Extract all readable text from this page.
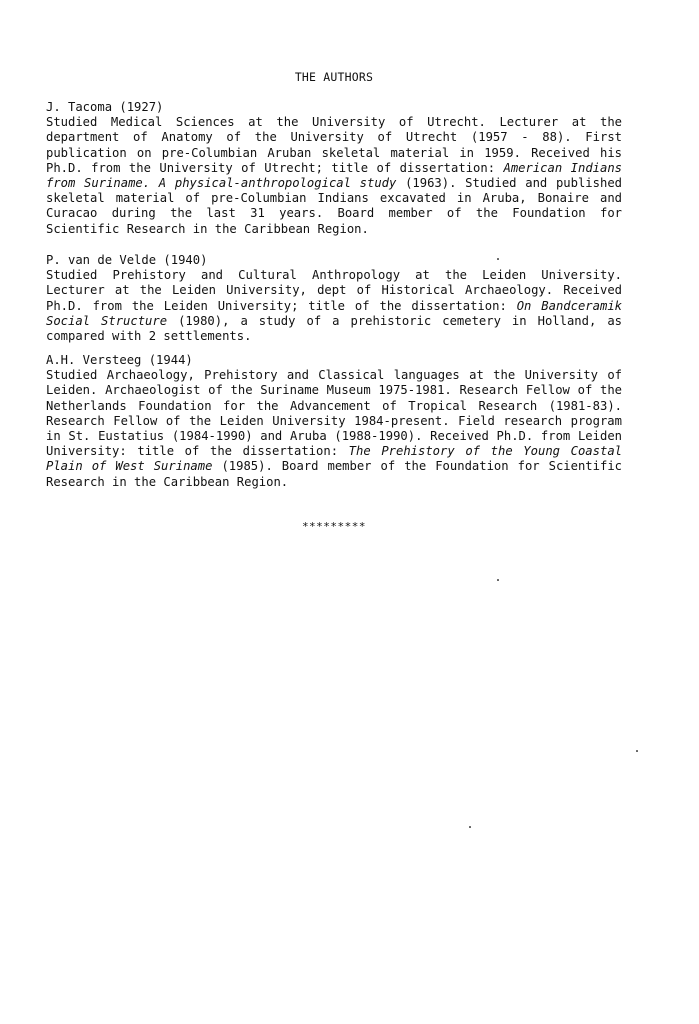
THE AUTHORS
J. Tacoma (1927)

Studied Medical Sciences at the University of Utrecht. Lecturer at the department of Anatomy of the University of Utrecht (1957 - 88). First publication on pre-Columbian Aruban skeletal material in 1959. Received his Ph.D. from the University of Utrecht; title of dissertation: American Indians from Suriname. A physical-anthropological study (1963). Studied and published skeletal material of pre-Columbian Indians excavated in Aruba, Bonaire and Curacao during the last 31 years. Board member of the Foundation for Scientific Research in the Caribbean Region.

P. van de Velde (1940)

Studied Prehistory and Cultural Anthropology at the Leiden University. Lecturer at the Leiden University, dept of Historical Archaeology. Received Ph.D. from the Leiden University; title of the dissertation: On Bandceramik Social Structure (1980), a study of a prehistoric cemetery in Holland, as compared with 2 settlements.

A.H. Versteeg (1944)

Studied Archaeology, Prehistory and Classical languages at the University of Leiden. Archaeologist of the Suriname Museum 1975-1981. Research Fellow of the Netherlands Foundation for the Advancement of Tropical Research (1981-83). Research Fellow of the Leiden University 1984-present. Field research program in St. Eustatius (1984-1990) and Aruba (1988-1990). Received Ph.D. from Leiden University: title of the dissertation: The Prehistory of the Young Coastal Plain of West Suriname (1985). Board member of the Foundation for Scientific Research in the Caribbean Region.

*********
